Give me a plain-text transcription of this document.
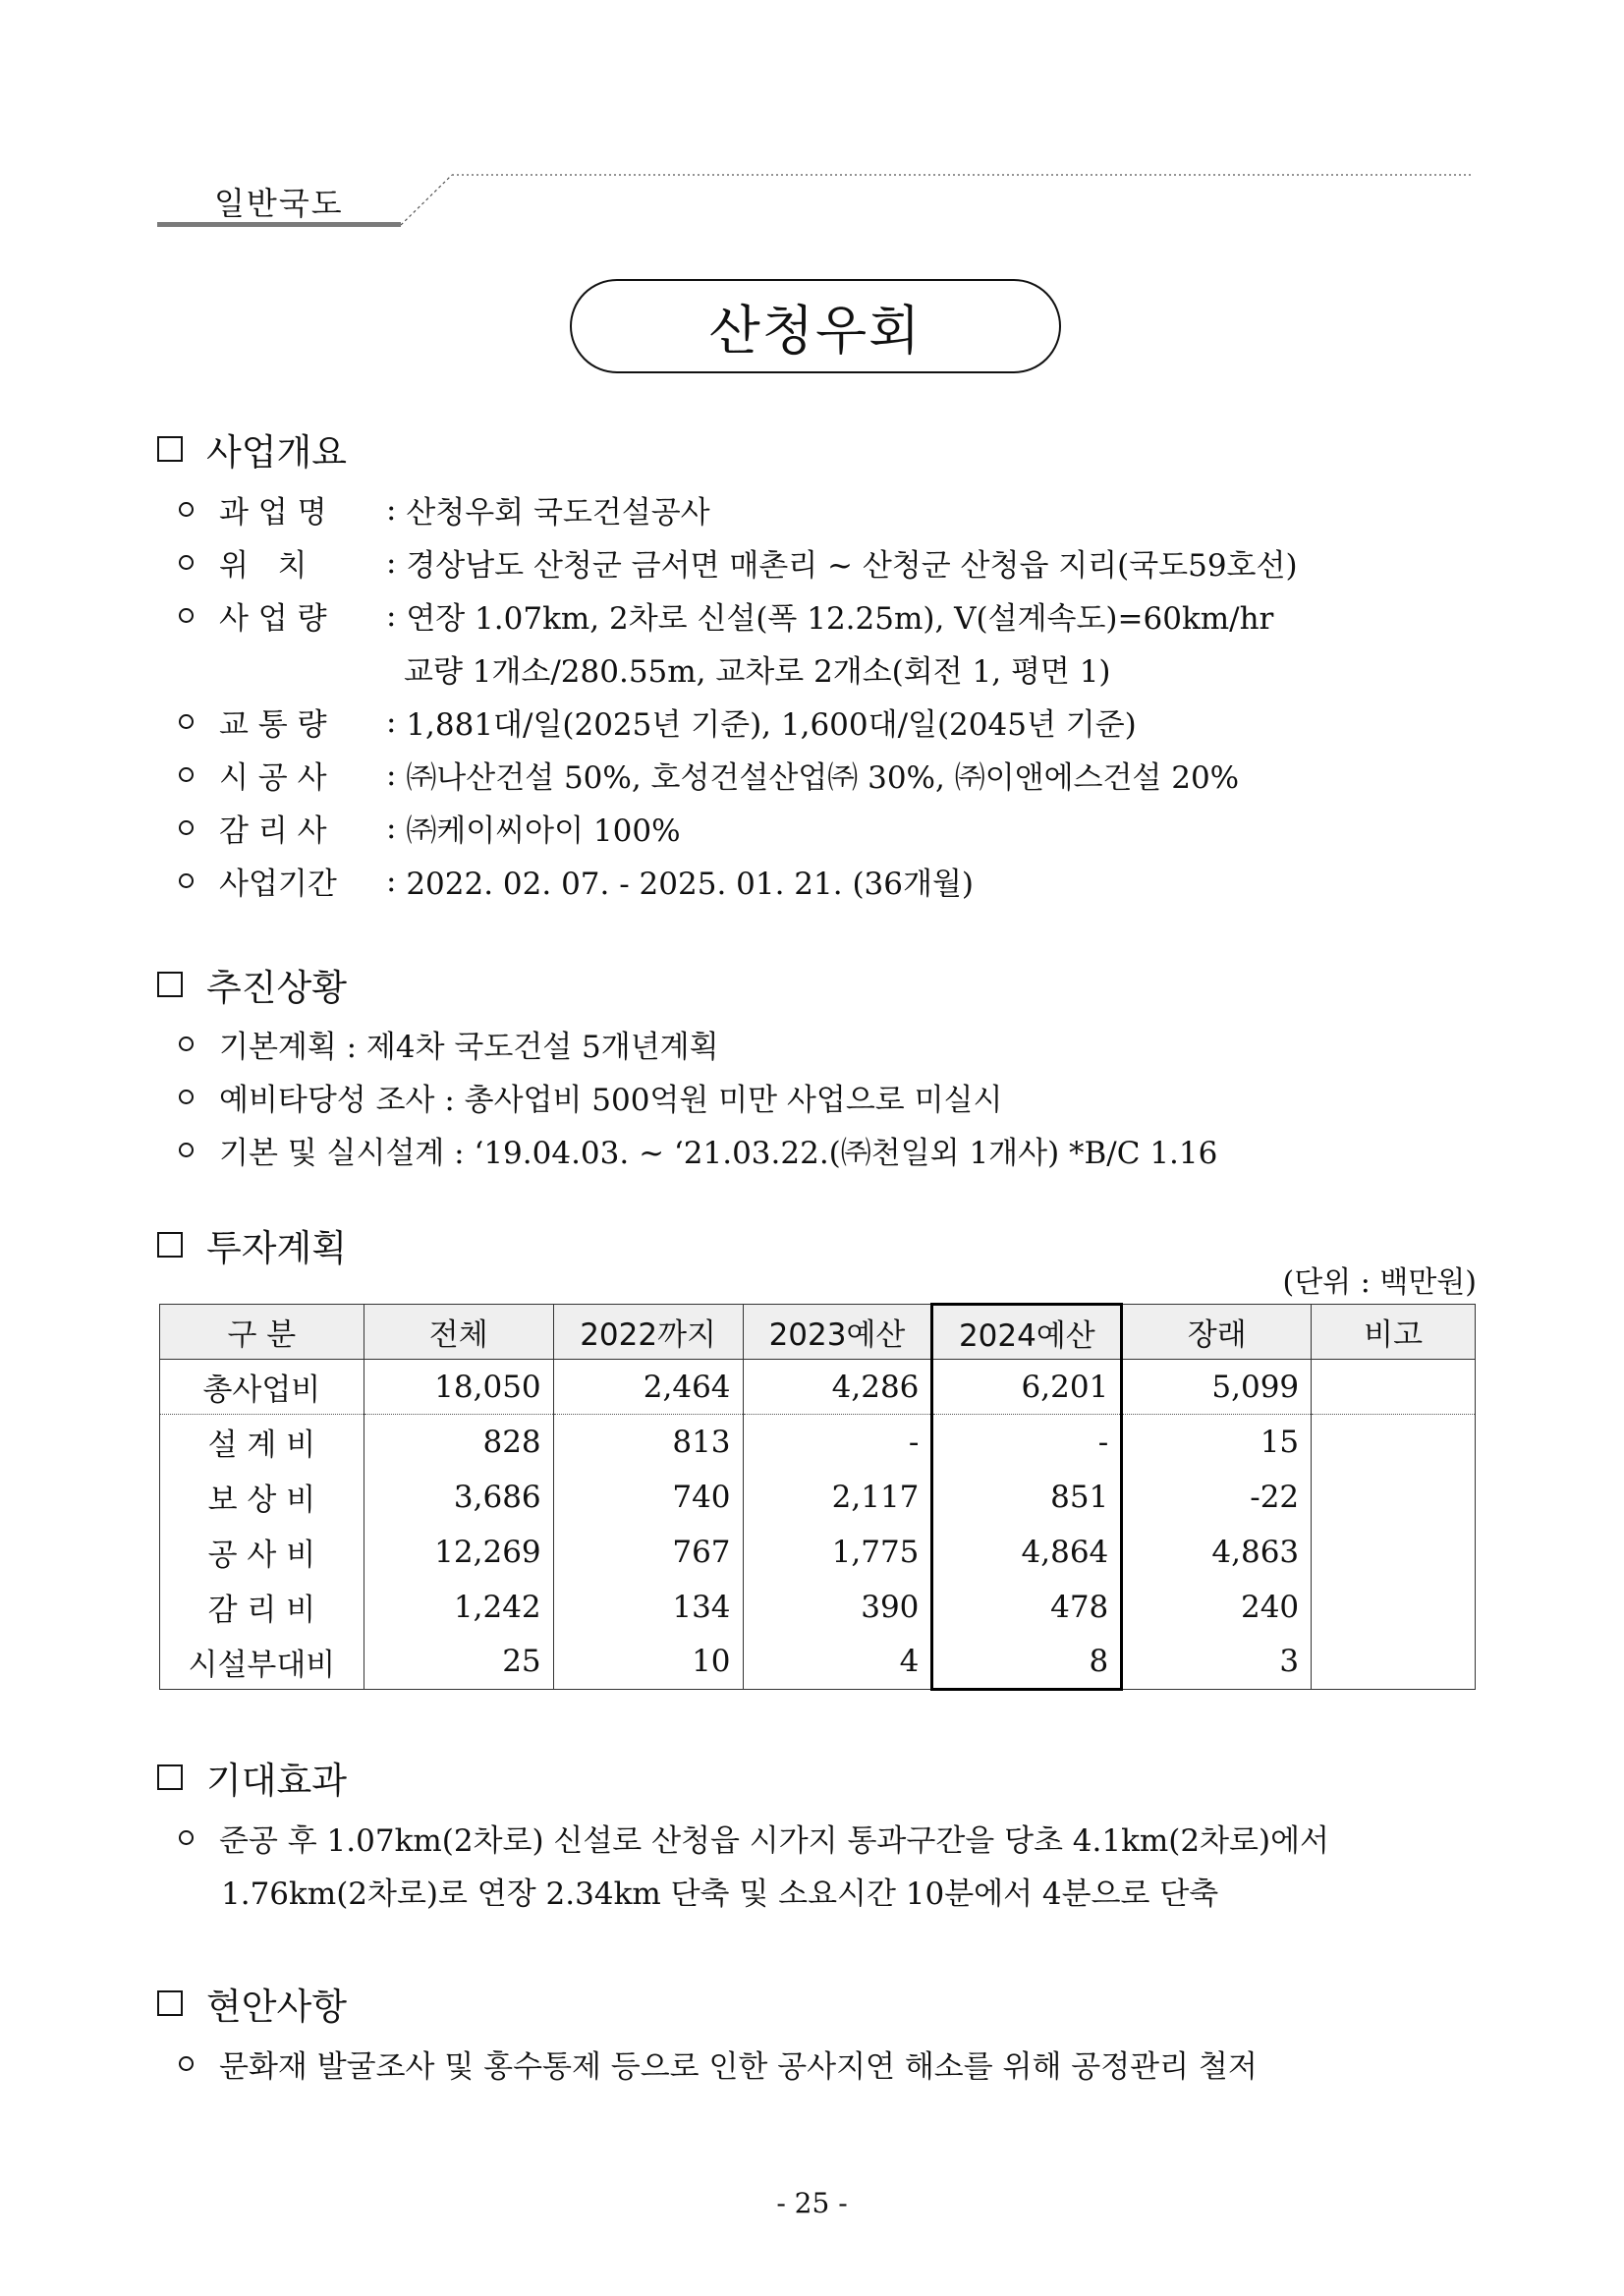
일반국도
산청우회
사업개요
과 업 명	: 산청우회 국도건설공사
위   치	: 경상남도 산청군 금서면 매촌리 ~ 산청군 산청읍 지리(국도59호선)
사 업 량	: 연장 1.07km, 2차로 신설(폭 12.25m), V(설계속도)=60km/hr
교량 1개소/280.55m, 교차로 2개소(회전 1, 평면 1)
교 통 량	: 1,881대/일(2025년 기준), 1,600대/일(2045년 기준)
시 공 사	: ㈜나산건설 50%, 호성건설산업㈜ 30%, ㈜이앤에스건설 20%
감 리 사	: ㈜케이씨아이 100%
사업기간	: 2022. 02. 07. - 2025. 01. 21. (36개월)
추진상황
기본계획 : 제4차 국도건설 5개년계획
예비타당성 조사 : 총사업비 500억원 미만 사업으로 미실시
기본 및 실시설계 : ‘19.04.03. ~ ‘21.03.22.(㈜천일외 1개사) *B/C 1.16
투자계획
(단위 : 백만원)
구 분	전체	2022까지	2023예산	2024예산	장래	비고
총사업비	18,050	2,464	4,286	6,201	5,099	
설 계 비	828	813	-	-	15	
보 상 비	3,686	740	2,117	851	-22	
공 사 비	12,269	767	1,775	4,864	4,863	
감 리 비	1,242	134	390	478	240	
시설부대비	25	10	4	8	3	
기대효과
준공 후 1.07km(2차로) 신설로 산청읍 시가지 통과구간을 당초 4.1km(2차로)에서
1.76km(2차로)로 연장 2.34km 단축 및 소요시간 10분에서 4분으로 단축
현안사항
문화재 발굴조사 및 홍수통제 등으로 인한 공사지연 해소를 위해 공정관리 철저
- 25 -
